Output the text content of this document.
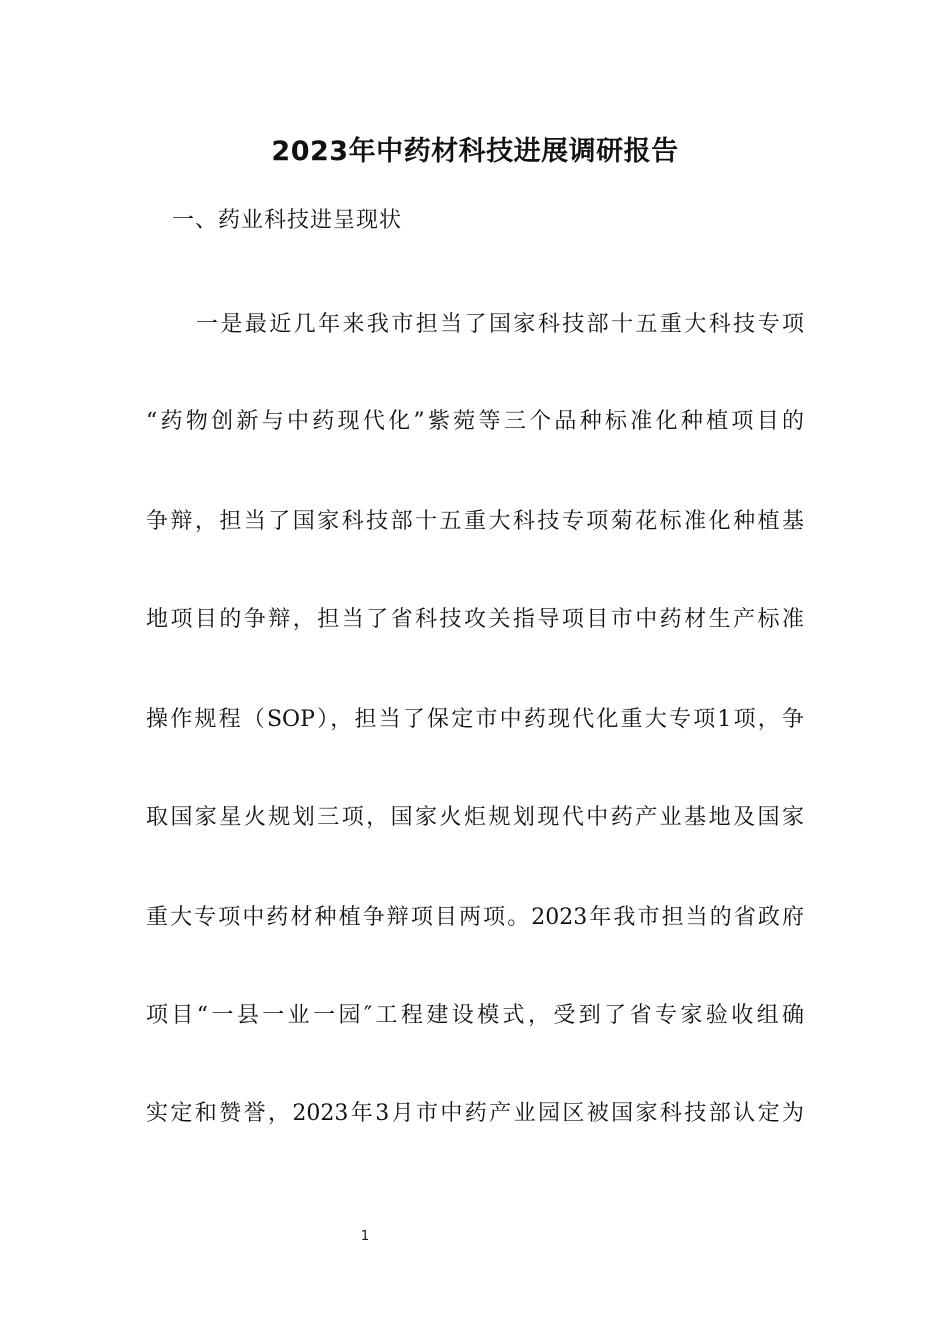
2023年中药材科技进展调研报告
一、药业科技进呈现状
一是最近几年来我市担当了国家科技部十五重大科技专项
“药物创新与中药现代化”紫菀等三个品种标准化种植项目的
争辩，担当了国家科技部十五重大科技专项菊花标准化种植基
地项目的争辩，担当了省科技攻关指导项目市中药材生产标准
操作规程（SOP），担当了保定市中药现代化重大专项1项，争
取国家星火规划三项，国家火炬规划现代中药产业基地及国家
重大专项中药材种植争辩项目两项。2023年我市担当的省政府
项目“一县一业一园″工程建设模式，受到了省专家验收组确
实定和赞誉，2023年3月市中药产业园区被国家科技部认定为
1
